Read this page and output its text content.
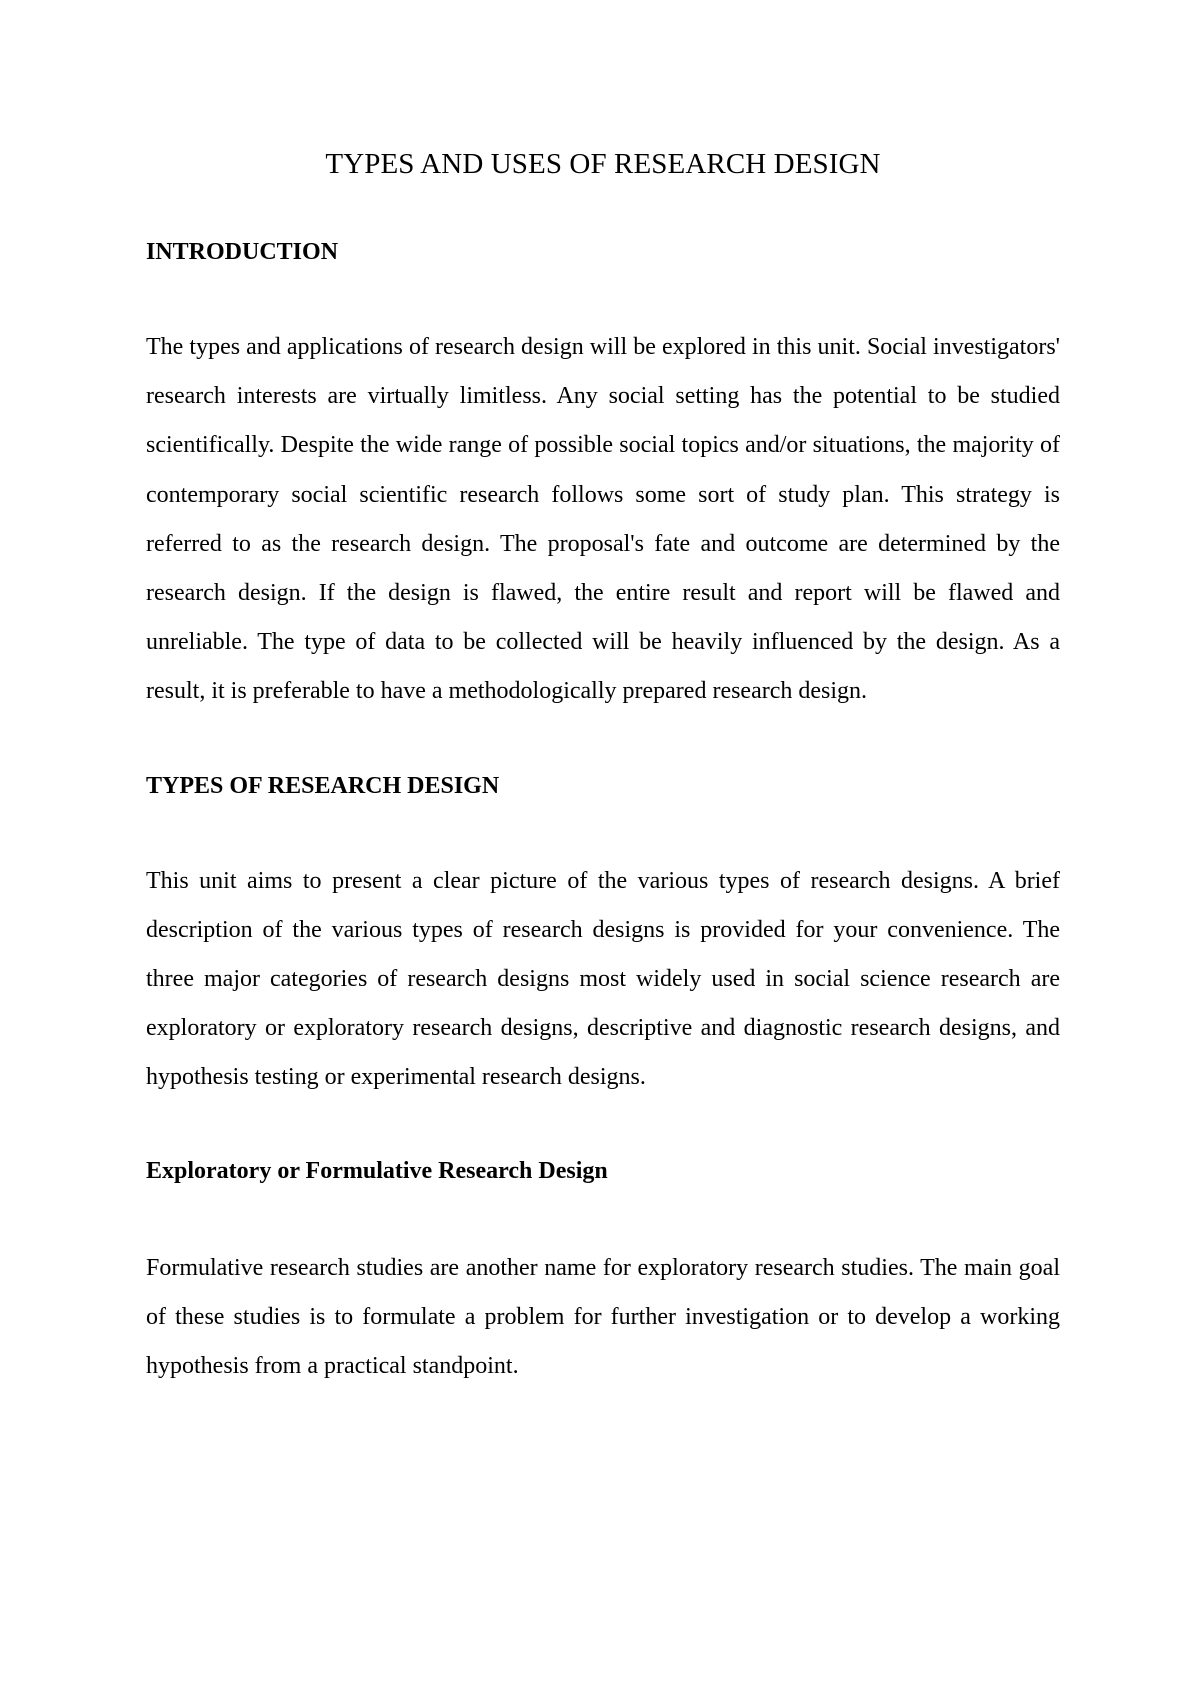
TYPES AND USES OF RESEARCH DESIGN
INTRODUCTION

The types and applications of research design will be explored in this unit. Social investigators' research interests are virtually limitless. Any social setting has the potential to be studied scientifically. Despite the wide range of possible social topics and/or situations, the majority of contemporary social scientific research follows some sort of study plan. This strategy is referred to as the research design. The proposal's fate and outcome are determined by the research design. If the design is flawed, the entire result and report will be flawed and unreliable. The type of data to be collected will be heavily influenced by the design. As a result, it is preferable to have a methodologically prepared research design.

TYPES OF RESEARCH DESIGN

This unit aims to present a clear picture of the various types of research designs. A brief description of the various types of research designs is provided for your convenience. The three major categories of research designs most widely used in social science research are exploratory or exploratory research designs, descriptive and diagnostic research designs, and hypothesis testing or experimental research designs.

Exploratory or Formulative Research Design

Formulative research studies are another name for exploratory research studies. The main goal of these studies is to formulate a problem for further investigation or to develop a working hypothesis from a practical standpoint.
